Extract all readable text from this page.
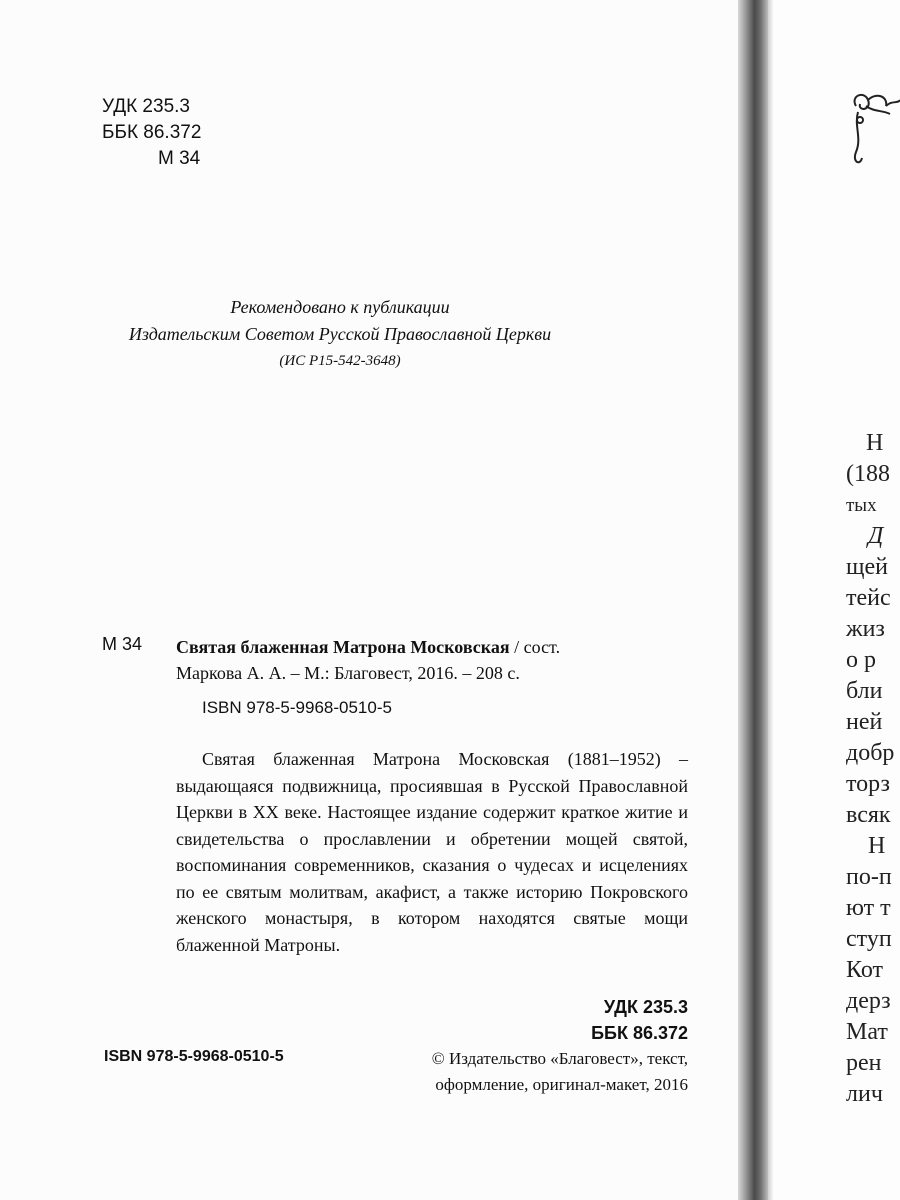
УДК 235.3
ББК 86.372
М 34
Рекомендовано к публикации
Издательским Советом Русской Православной Церкви
(ИС Р15-542-3648)
М 34 Святая блаженная Матрона Московская / сост.
Маркова А. А. – М.: Благовест, 2016. – 208 с.
ISBN 978-5-9968-0510-5

Святая блаженная Матрона Московская (1881–1952) – выдающаяся подвижница, просиявшая в Русской Православной Церкви в XX веке. Настоящее издание содержит краткое житие и свидетельства о прославлении и обретении мощей святой, воспоминания современников, сказания о чудесах и исцелениях по ее святым молитвам, акафист, а также историю Покровского женского монастыря, в котором находятся святые мощи блаженной Матроны.

УДК 235.3
ББК 86.372
ISBN 978-5-9968-0510-5	© Издательство «Благовест», текст,
оформление, оригинал-макет, 2016
Н
(188
тых
Д
щей
тейс
жиз
о р
бли
ней
добр
торз
всяк
Н
по-п
ют т
ступ
Кот
дерз
Мат
рен
лич
